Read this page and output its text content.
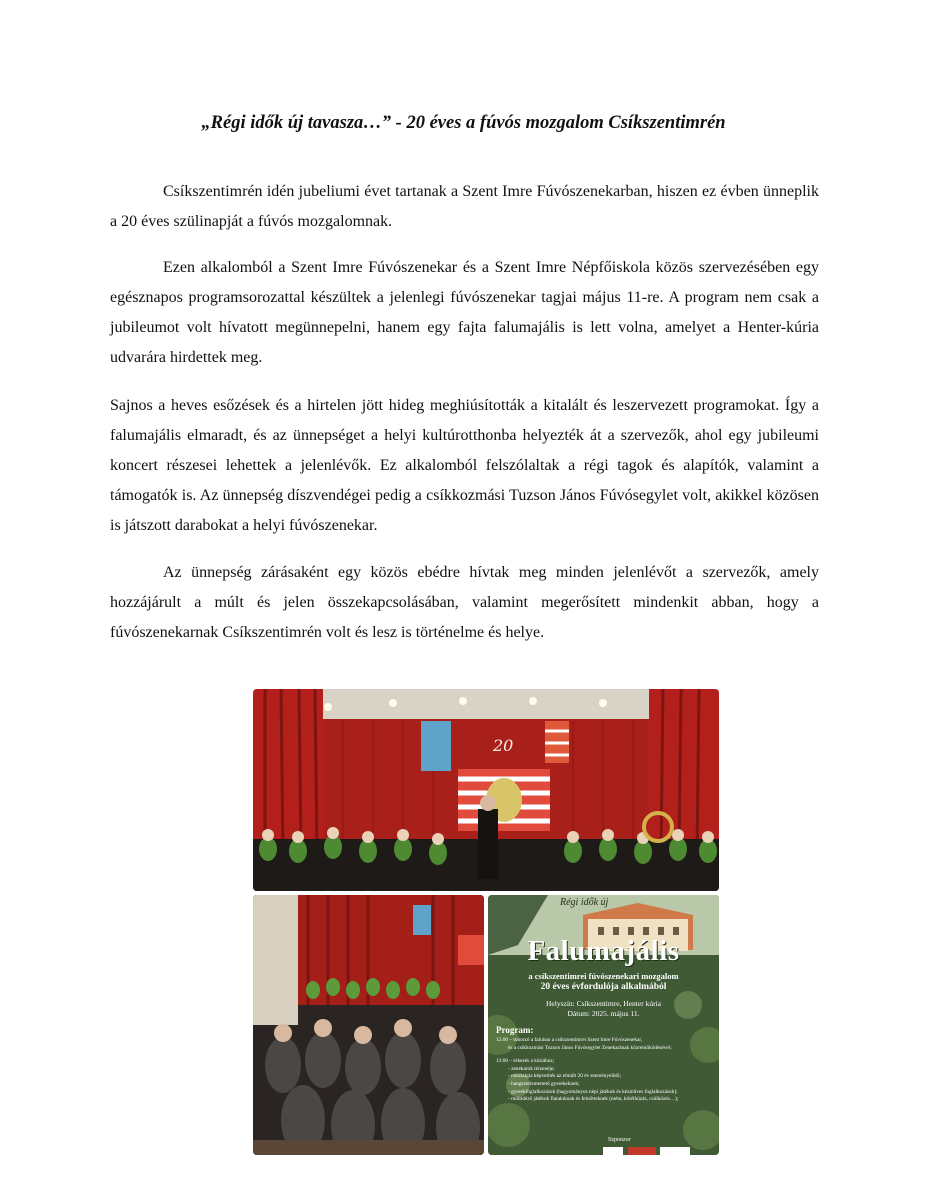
„Régi idők új tavasza…” - 20 éves a fúvós mozgalom Csíkszentimrén

Csíkszentimrén idén jubeliumi évet tartanak a Szent Imre Fúvószenekarban, hiszen ez évben ünneplik a 20 éves szülinapját a fúvós mozgalomnak.

Ezen alkalomból a Szent Imre Fúvószenekar és a Szent Imre Népfőiskola közös szervezésében egy egésznapos programsorozattal készültek a jelenlegi fúvószenekar tagjai május 11-re. A program nem csak a jubileumot volt hívatott megünnepelni, hanem egy fajta falumajális is lett volna, amelyet a Henter-kúria udvarára hirdettek meg.

Sajnos a heves esőzések és a hirtelen jött hideg meghiúsították a kitalált és leszervezett programokat. Így a falumajális elmaradt, és az ünnepséget a helyi kultúrotthonba helyezték át a szervezők, ahol egy jubileumi koncert részesei lehettek a jelenlévők. Ez alkalomból felszólaltak a régi tagok és alapítók, valamint a támogatók is. Az ünnepség díszvendégei pedig a csíkkozmási Tuzson János Fúvósegylet volt, akikkel közösen is játszott darabokat a helyi fúvószenekar.

Az ünnepség zárásaként egy közös ebédre hívtak meg minden jelenlévőt a szervezők, amely hozzájárult a múlt és jelen összekapcsolásában, valamint megerősített mindenkit abban, hogy a fúvószenekarnak Csíkszentimrén volt és lesz is történelme és helye.

20
Régi idők új
Falumajális
a csíkszentimrei fúvószenekari mozgalom
20 éves évfordulója alkalmából
Helyszín: Csíkszentimre, Henter kúria
Dátum: 2025. május 11.
Program:
12:00 – toborzó a faluban a csíkszentimrei Szent Imre Fúvószenekar,
és a csíkkozmási Tuzson János Fúvósegylet Zenekarának közreműködésével;
13:00 – érkezés a kúriához;
- zenekarok térzenéje;
- nosztalgia képvetítés az elmúlt 20 év eseményeiből;
- hangszerismertető gyerekeknek;
- gyerekfoglalkozások (hagyományos népi játékok és kézműves foglalkozások);
- múltidéző játékok fiataloknak és felnőtteknek (méta, kötélhúzás, csülközés…);
Szponzor
